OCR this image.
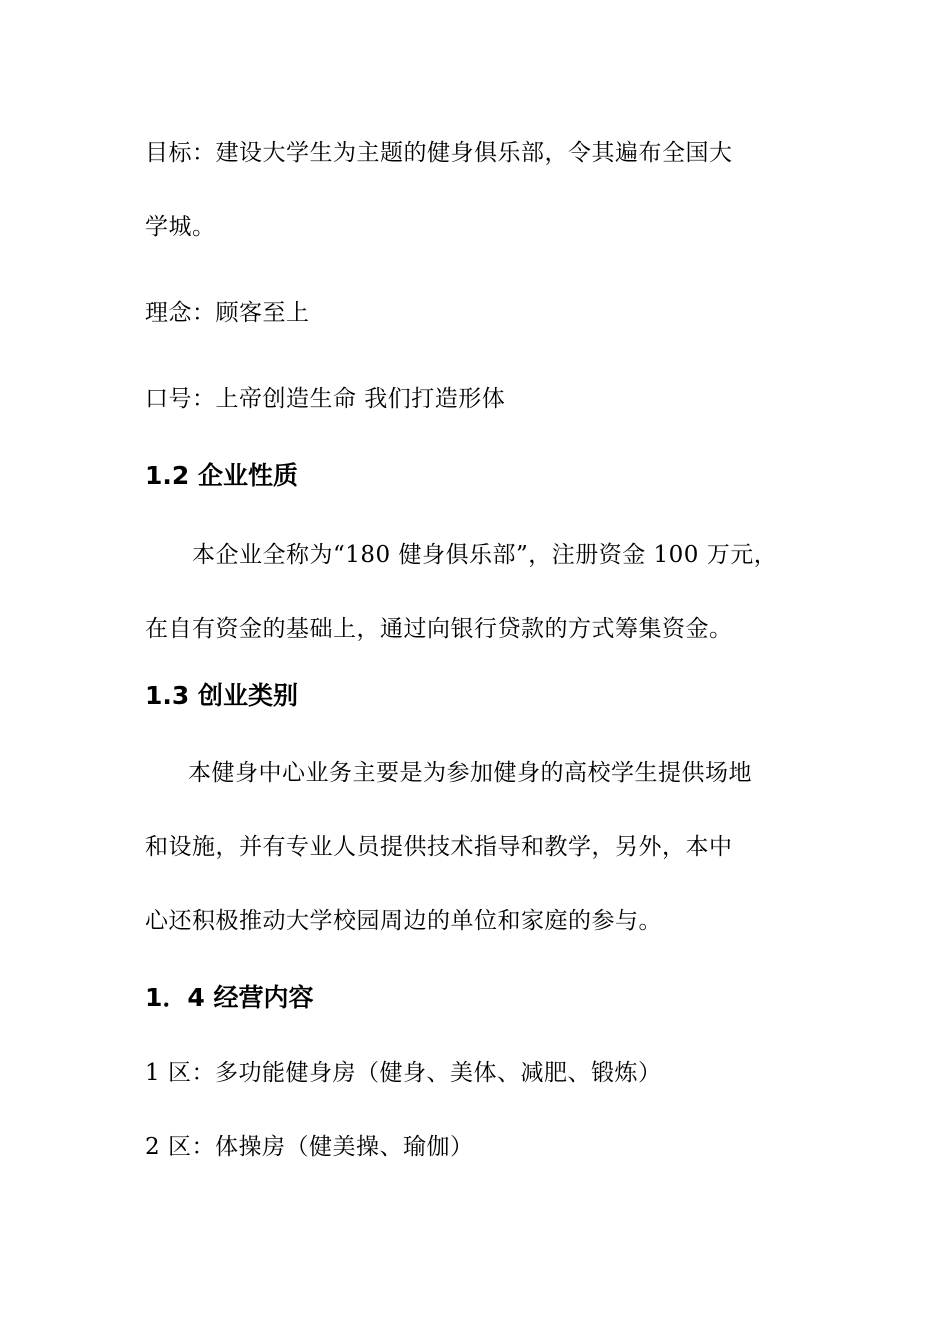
目标：建设大学生为主题的健身俱乐部，令其遍布全国大
学城。
理念：顾客至上
口号：上帝创造生命 我们打造形体
1.2 企业性质
本企业全称为“180 健身俱乐部”，注册资金 100 万元，
在自有资金的基础上，通过向银行贷款的方式筹集资金。
1.3 创业类别
本健身中心业务主要是为参加健身的高校学生提供场地
和设施，并有专业人员提供技术指导和教学，另外，本中
心还积极推动大学校园周边的单位和家庭的参与。
1．4 经营内容
1 区：多功能健身房（健身、美体、减肥、锻炼）
2 区：体操房（健美操、瑜伽）
